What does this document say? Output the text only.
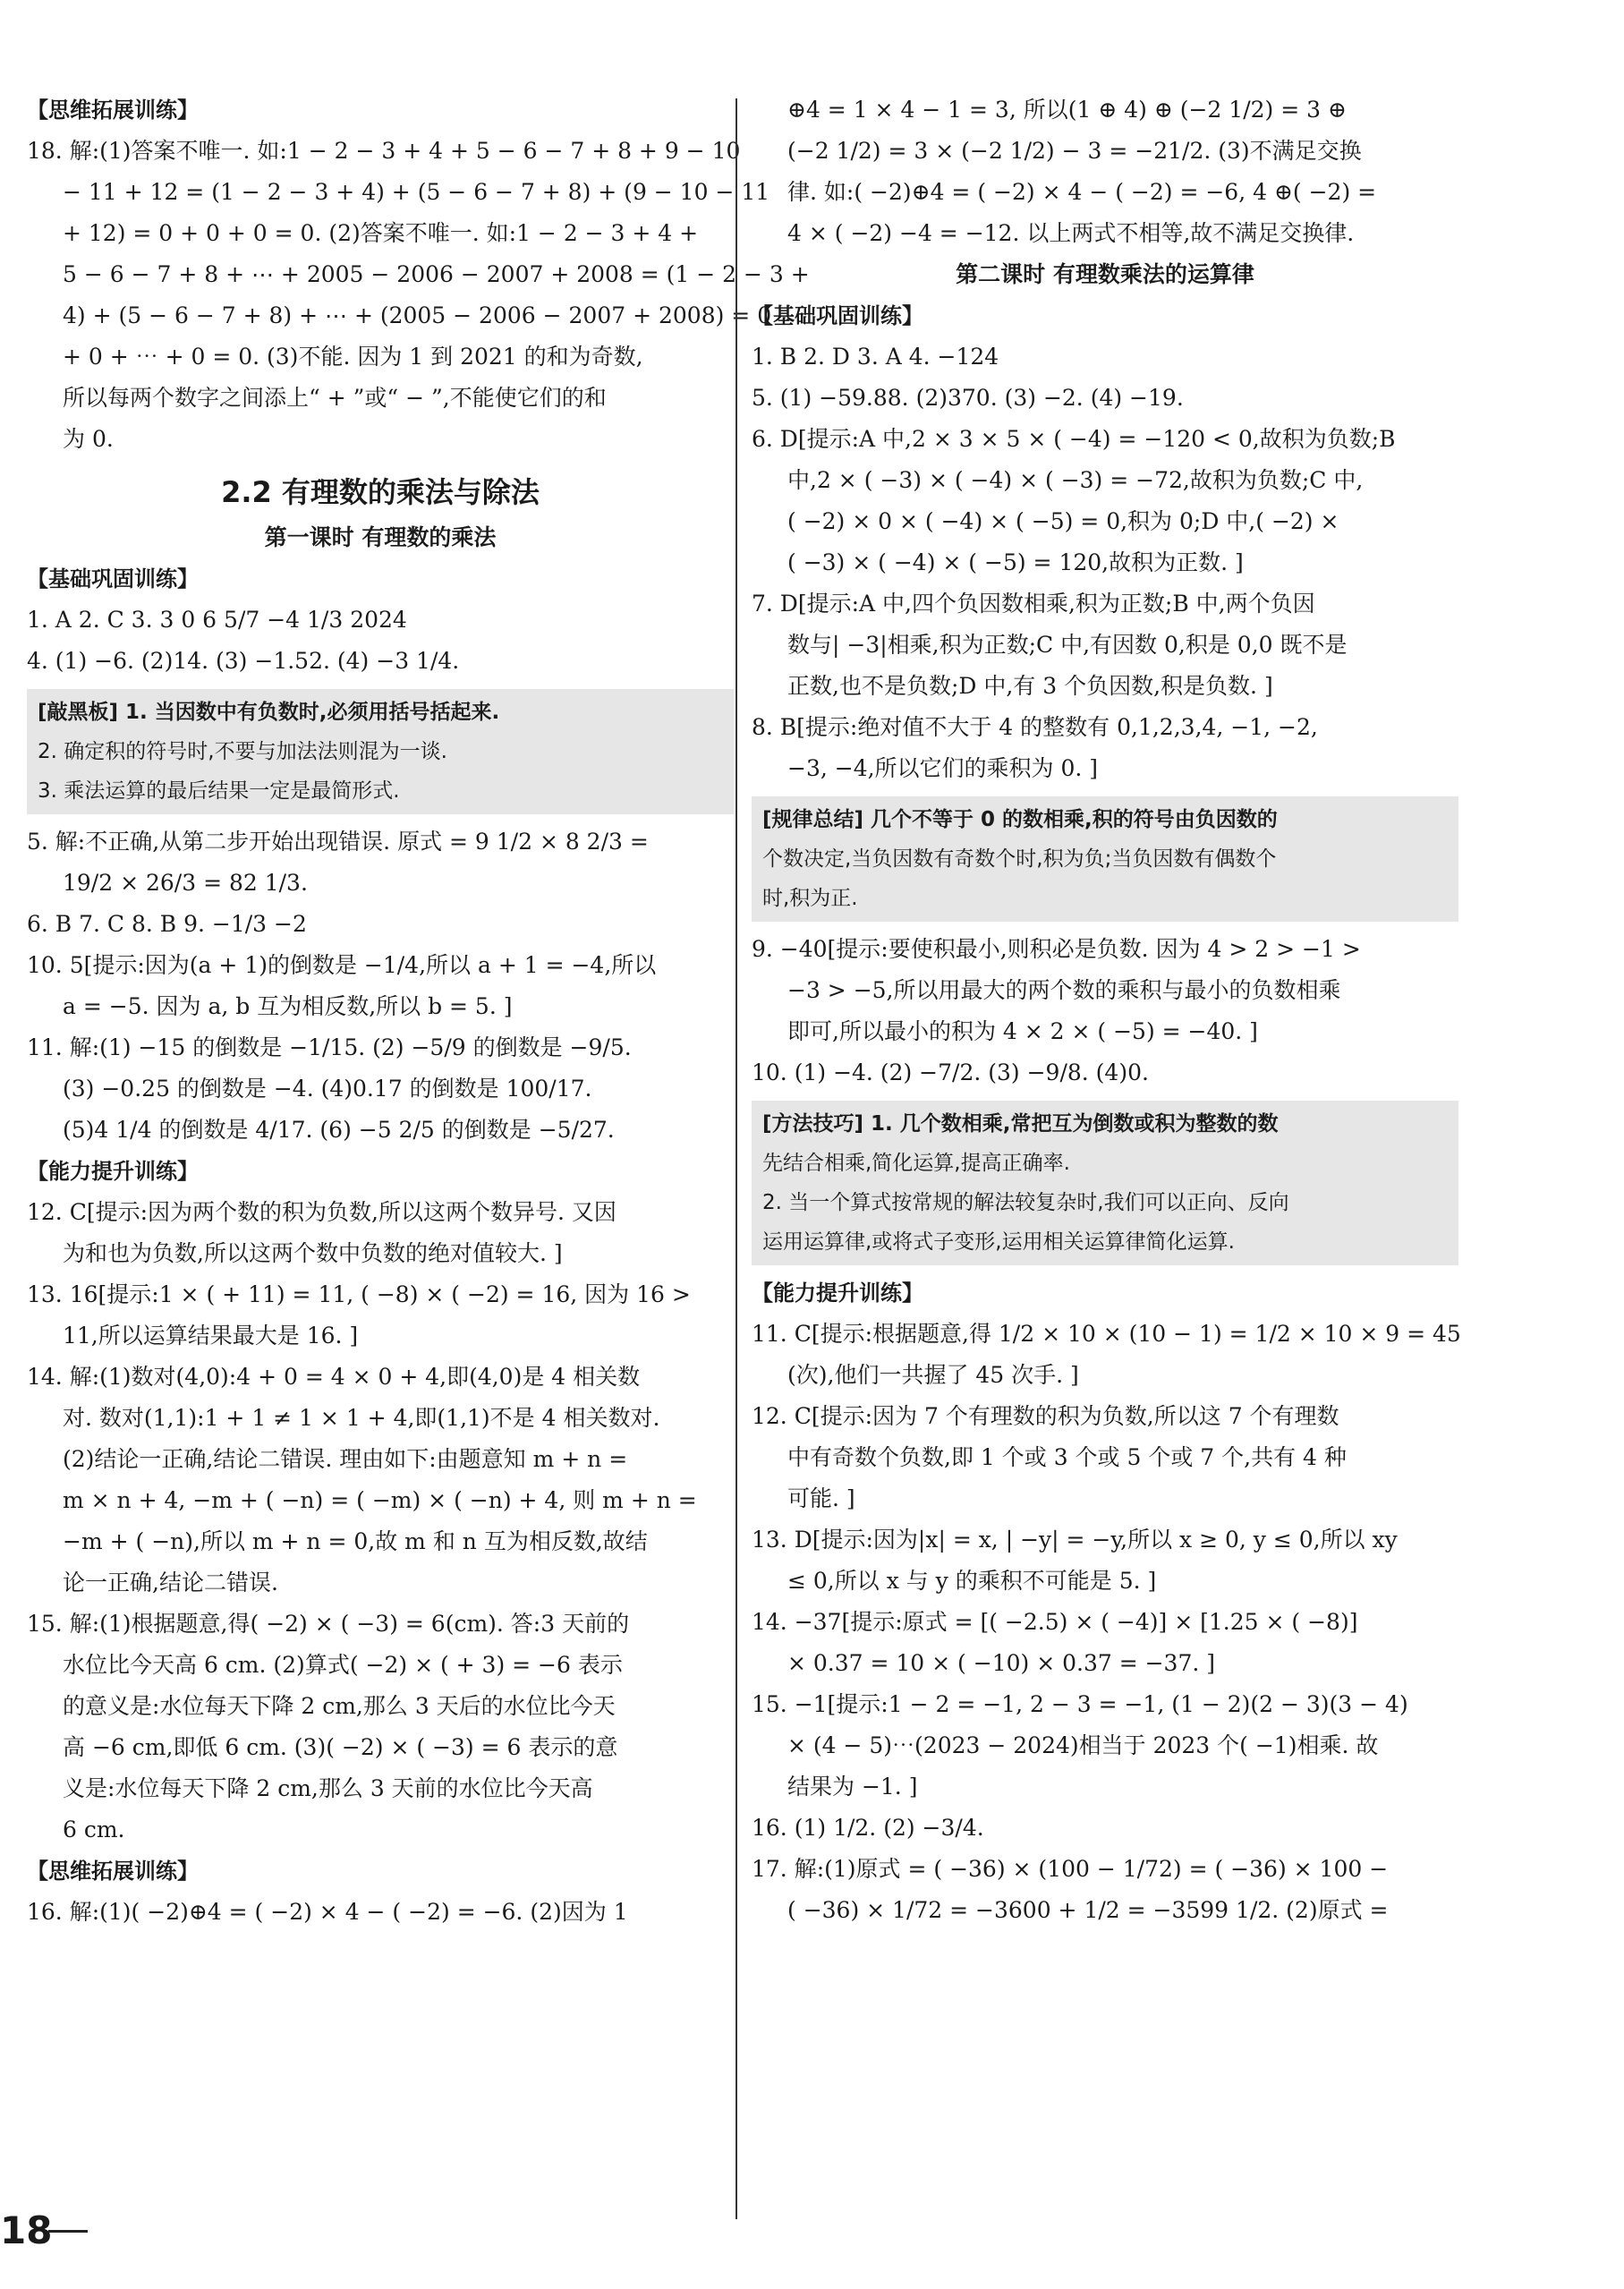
【思维拓展训练】

18. 解:(1)答案不唯一. 如:1 − 2 − 3 + 4 + 5 − 6 − 7 + 8 + 9 − 10

− 11 + 12 = (1 − 2 − 3 + 4) + (5 − 6 − 7 + 8) + (9 − 10 − 11

+ 12) = 0 + 0 + 0 = 0. (2)答案不唯一. 如:1 − 2 − 3 + 4 +

5 − 6 − 7 + 8 + ⋯ + 2005 − 2006 − 2007 + 2008 = (1 − 2 − 3 +

4) + (5 − 6 − 7 + 8) + ⋯ + (2005 − 2006 − 2007 + 2008) = 0

+ 0 + ⋯ + 0 = 0. (3)不能. 因为 1 到 2021 的和为奇数,

所以每两个数字之间添上“ + ”或“ − ”,不能使它们的和

为 0.

2.2 有理数的乘法与除法

第一课时 有理数的乘法

【基础巩固训练】

1. A 2. C 3. 3 0 6 5/7 −4 1/3 2024

4. (1) −6. (2)14. (3) −1.52. (4) −3 1/4.

[敲黑板] 1. 当因数中有负数时,必须用括号括起来.

2. 确定积的符号时,不要与加法法则混为一谈.

3. 乘法运算的最后结果一定是最简形式.

5. 解:不正确,从第二步开始出现错误. 原式 = 9 1/2 × 8 2/3 =

19/2 × 26/3 = 82 1/3.

6. B 7. C 8. B 9. −1/3 −2

10. 5[提示:因为(a + 1)的倒数是 −1/4,所以 a + 1 = −4,所以

a = −5. 因为 a, b 互为相反数,所以 b = 5. ]

11. 解:(1) −15 的倒数是 −1/15. (2) −5/9 的倒数是 −9/5.

(3) −0.25 的倒数是 −4. (4)0.17 的倒数是 100/17.

(5)4 1/4 的倒数是 4/17. (6) −5 2/5 的倒数是 −5/27.

【能力提升训练】

12. C[提示:因为两个数的积为负数,所以这两个数异号. 又因

为和也为负数,所以这两个数中负数的绝对值较大. ]

13. 16[提示:1 × ( + 11) = 11, ( −8) × ( −2) = 16, 因为 16 >

11,所以运算结果最大是 16. ]

14. 解:(1)数对(4,0):4 + 0 = 4 × 0 + 4,即(4,0)是 4 相关数

对. 数对(1,1):1 + 1 ≠ 1 × 1 + 4,即(1,1)不是 4 相关数对.

(2)结论一正确,结论二错误. 理由如下:由题意知 m + n =

m × n + 4, −m + ( −n) = ( −m) × ( −n) + 4, 则 m + n =

−m + ( −n),所以 m + n = 0,故 m 和 n 互为相反数,故结

论一正确,结论二错误.

15. 解:(1)根据题意,得( −2) × ( −3) = 6(cm). 答:3 天前的

水位比今天高 6 cm. (2)算式( −2) × ( + 3) = −6 表示

的意义是:水位每天下降 2 cm,那么 3 天后的水位比今天

高 −6 cm,即低 6 cm. (3)( −2) × ( −3) = 6 表示的意

义是:水位每天下降 2 cm,那么 3 天前的水位比今天高

6 cm.

【思维拓展训练】

16. 解:(1)( −2)⊕4 = ( −2) × 4 − ( −2) = −6. (2)因为 1

⊕4 = 1 × 4 − 1 = 3, 所以(1 ⊕ 4) ⊕ (−2 1/2) = 3 ⊕

(−2 1/2) = 3 × (−2 1/2) − 3 = −21/2. (3)不满足交换

律. 如:( −2)⊕4 = ( −2) × 4 − ( −2) = −6, 4 ⊕( −2) =

4 × ( −2) −4 = −12. 以上两式不相等,故不满足交换律.

第二课时 有理数乘法的运算律

【基础巩固训练】

1. B 2. D 3. A 4. −124

5. (1) −59.88. (2)370. (3) −2. (4) −19.

6. D[提示:A 中,2 × 3 × 5 × ( −4) = −120 < 0,故积为负数;B

中,2 × ( −3) × ( −4) × ( −3) = −72,故积为负数;C 中,

( −2) × 0 × ( −4) × ( −5) = 0,积为 0;D 中,( −2) ×

( −3) × ( −4) × ( −5) = 120,故积为正数. ]

7. D[提示:A 中,四个负因数相乘,积为正数;B 中,两个负因

数与| −3|相乘,积为正数;C 中,有因数 0,积是 0,0 既不是

正数,也不是负数;D 中,有 3 个负因数,积是负数. ]

8. B[提示:绝对值不大于 4 的整数有 0,1,2,3,4, −1, −2,

−3, −4,所以它们的乘积为 0. ]

[规律总结] 几个不等于 0 的数相乘,积的符号由负因数的

个数决定,当负因数有奇数个时,积为负;当负因数有偶数个

时,积为正.

9. −40[提示:要使积最小,则积必是负数. 因为 4 > 2 > −1 >

−3 > −5,所以用最大的两个数的乘积与最小的负数相乘

即可,所以最小的积为 4 × 2 × ( −5) = −40. ]

10. (1) −4. (2) −7/2. (3) −9/8. (4)0.

[方法技巧] 1. 几个数相乘,常把互为倒数或积为整数的数

先结合相乘,简化运算,提高正确率.

2. 当一个算式按常规的解法较复杂时,我们可以正向、反向

运用运算律,或将式子变形,运用相关运算律简化运算.

【能力提升训练】

11. C[提示:根据题意,得 1/2 × 10 × (10 − 1) = 1/2 × 10 × 9 = 45

(次),他们一共握了 45 次手. ]

12. C[提示:因为 7 个有理数的积为负数,所以这 7 个有理数

中有奇数个负数,即 1 个或 3 个或 5 个或 7 个,共有 4 种

可能. ]

13. D[提示:因为|x| = x, | −y| = −y,所以 x ≥ 0, y ≤ 0,所以 xy

≤ 0,所以 x 与 y 的乘积不可能是 5. ]

14. −37[提示:原式 = [( −2.5) × ( −4)] × [1.25 × ( −8)]

× 0.37 = 10 × ( −10) × 0.37 = −37. ]

15. −1[提示:1 − 2 = −1, 2 − 3 = −1, (1 − 2)(2 − 3)(3 − 4)

× (4 − 5)⋯(2023 − 2024)相当于 2023 个( −1)相乘. 故

结果为 −1. ]

16. (1) 1/2. (2) −3/4.

17. 解:(1)原式 = ( −36) × (100 − 1/72) = ( −36) × 100 −

( −36) × 1/72 = −3600 + 1/2 = −3599 1/2. (2)原式 =

18
